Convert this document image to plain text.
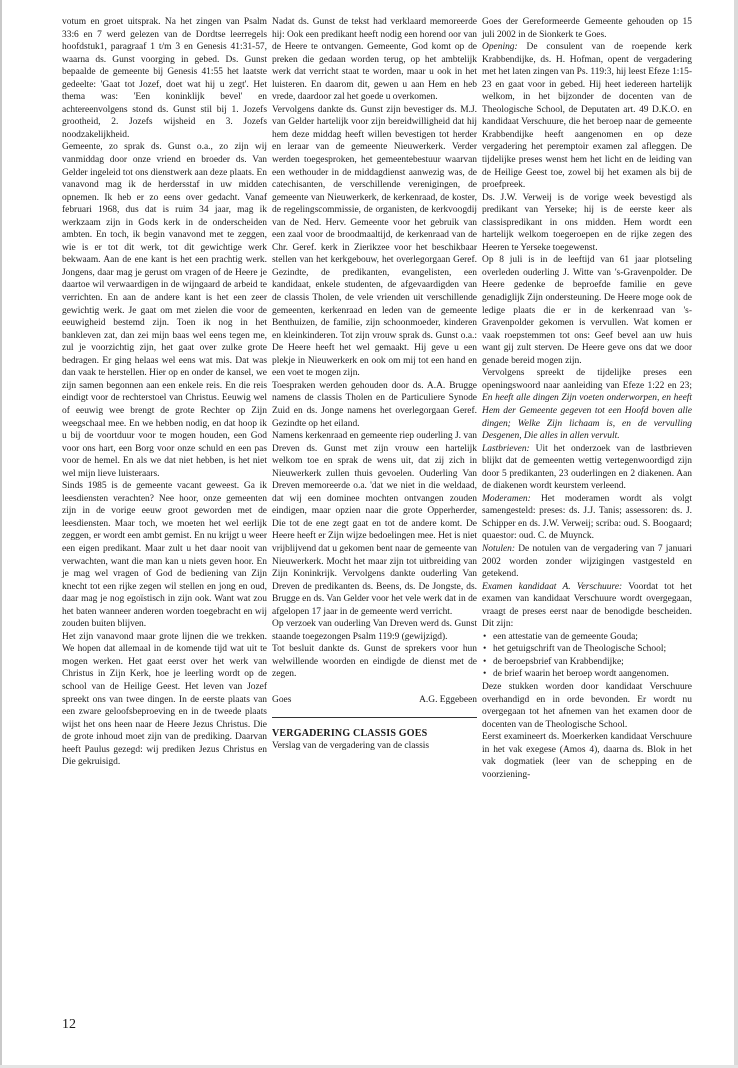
votum en groet uitsprak. Na het zingen van Psalm 33:6 en 7 werd gelezen van de Dordtse leerregels hoofdstuk1, paragraaf 1 t/m 3 en Genesis 41:31-57, waarna ds. Gunst voorging in gebed. Ds. Gunst bepaalde de gemeente bij Genesis 41:55 het laatste gedeelte: 'Gaat tot Jozef, doet wat hij u zegt'. Het thema was: 'Een koninklijk bevel' en achtereenvolgens stond ds. Gunst stil bij 1. Jozefs grootheid, 2. Jozefs wijsheid en 3. Jozefs noodzakelijkheid.

Gemeente, zo sprak ds. Gunst o.a., zo zijn wij vanmiddag door onze vriend en broeder ds. Van Gelder ingeleid tot ons dienstwerk aan deze plaats. En vanavond mag ik de herdersstaf in uw midden opnemen. Ik heb er zo eens over gedacht. Vanaf februari 1968, dus dat is ruim 34 jaar, mag ik werkzaam zijn in Gods kerk in de onderscheiden ambten. En toch, ik begin vanavond met te zeggen, wie is er tot dit werk, tot dit gewichtige werk bekwaam. Aan de ene kant is het een prachtig werk. Jongens, daar mag je gerust om vragen of de Heere je daartoe wil verwaardigen in de wijngaard de arbeid te verrichten. En aan de andere kant is het een zeer gewichtig werk. Je gaat om met zielen die voor de eeuwigheid bestemd zijn. Toen ik nog in het bankleven zat, dan zei mijn baas wel eens tegen me, zul je voorzichtig zijn, het gaat over zulke grote bedragen. Er ging helaas wel eens wat mis. Dat was dan vaak te herstellen. Hier op en onder de kansel, we zijn samen begonnen aan een enkele reis. En die reis eindigt voor de rechterstoel van Christus. Eeuwig wel of eeuwig wee brengt de grote Rechter op Zijn weegschaal mee. En we hebben nodig, en dat hoop ik u bij de voortduur voor te mogen houden, een God voor ons hart, een Borg voor onze schuld en een pas voor de hemel. En als we dat niet hebben, is het niet wel mijn lieve luisteraars.

Sinds 1985 is de gemeente vacant geweest. Ga ik leesdiensten verachten? Nee hoor, onze gemeenten zijn in de vorige eeuw groot geworden met de leesdiensten. Maar toch, we moeten het wel eerlijk zeggen, er wordt een ambt gemist. En nu krijgt u weer een eigen predikant. Maar zult u het daar nooit van verwachten, want die man kan u niets geven hoor. En je mag wel vragen of God de bediening van Zijn knecht tot een rijke zegen wil stellen en jong en oud, daar mag je nog egoïstisch in zijn ook. Want wat zou het baten wanneer anderen worden toegebracht en wij zouden buiten blijven.

Het zijn vanavond maar grote lijnen die we trekken. We hopen dat allemaal in de komende tijd wat uit te mogen werken. Het gaat eerst over het werk van Christus in Zijn Kerk, hoe je leerling wordt op de school van de Heilige Geest. Het leven van Jozef spreekt ons van twee dingen. In de eerste plaats van een zware geloofsbeproeving en in de tweede plaats wijst het ons heen naar de Heere Jezus Christus. Die de grote inhoud moet zijn van de prediking. Daarvan heeft Paulus gezegd: wij prediken Jezus Christus en Die gekruisigd.

Nadat ds. Gunst de tekst had verklaard memoreerde hij: Ook een predikant heeft nodig een horend oor van de Heere te ontvangen. Gemeente, God komt op de preken die gedaan worden terug, op het ambtelijk werk dat verricht staat te worden, maar u ook in het luisteren. En daarom dit, gewen u aan Hem en heb vrede, daardoor zal het goede u overkomen.

Vervolgens dankte ds. Gunst zijn bevestiger ds. M.J. van Gelder hartelijk voor zijn bereidwilligheid dat hij hem deze middag heeft willen bevestigen tot herder en leraar van de gemeente Nieuwerkerk. Verder werden toegesproken, het gemeentebestuur waarvan een wethouder in de middagdienst aanwezig was, de catechisanten, de verschillende verenigingen, de gemeente van Nieuwerkerk, de kerkenraad, de koster, de regelingscommissie, de organisten, de kerkvoogdij van de Ned. Herv. Gemeente voor het gebruik van een zaal voor de broodmaaltijd, de kerkenraad van de Chr. Geref. kerk in Zierikzee voor het beschikbaar stellen van het kerkgebouw, het overlegorgaan Geref. Gezindte, de predikanten, evangelisten, een kandidaat, enkele studenten, de afgevaardigden van de classis Tholen, de vele vrienden uit verschillende gemeenten, kerkenraad en leden van de gemeente Benthuizen, de familie, zijn schoonmoeder, kinderen en kleinkinderen. Tot zijn vrouw sprak ds. Gunst o.a.: De Heere heeft het wel gemaakt. Hij geve u een plekje in Nieuwerkerk en ook om mij tot een hand en een voet te mogen zijn.

Toespraken werden gehouden door ds. A.A. Brugge namens de classis Tholen en de Particuliere Synode Zuid en ds. Jonge namens het overlegorgaan Geref. Gezindte op het eiland.

Namens kerkenraad en gemeente riep ouderling J. van Dreven ds. Gunst met zijn vrouw een hartelijk welkom toe en sprak de wens uit, dat zij zich in Nieuwerkerk zullen thuis gevoelen. Ouderling Van Dreven memoreerde o.a. 'dat we niet in die weldaad, dat wij een dominee mochten ontvangen zouden eindigen, maar opzien naar die grote Opperherder, Die tot de ene zegt gaat en tot de andere komt. De Heere heeft er Zijn wijze bedoelingen mee. Het is niet vrijblijvend dat u gekomen bent naar de gemeente van Nieuwerkerk. Mocht het maar zijn tot uitbreiding van Zijn Koninkrijk. Vervolgens dankte ouderling Van Dreven de predikanten ds. Beens, ds. De Jongste, ds. Brugge en ds. Van Gelder voor het vele werk dat in de afgelopen 17 jaar in de gemeente werd verricht.

Op verzoek van ouderling Van Dreven werd ds. Gunst staande toegezongen Psalm 119:9 (gewijzigd).

Tot besluit dankte ds. Gunst de sprekers voor hun welwillende woorden en eindigde de dienst met de zegen.

Goes	A.G. Eggebeen

VERGADERING CLASSIS GOES

Verslag van de vergadering van de classis

Goes der Gereformeerde Gemeente gehouden op 15 juli 2002 in de Sionkerk te Goes.

Opening: De consulent van de roepende kerk Krabbendijke, ds. H. Hofman, opent de vergadering met het laten zingen van Ps. 119:3, hij leest Efeze 1:15-23 en gaat voor in gebed. Hij heet iedereen hartelijk welkom, in het bijzonder de docenten van de Theologische School, de Deputaten art. 49 D.K.O. en kandidaat Verschuure, die het beroep naar de gemeente Krabbendijke heeft aangenomen en op deze vergadering het peremptoir examen zal afleggen. De tijdelijke preses wenst hem het licht en de leiding van de Heilige Geest toe, zowel bij het examen als bij de proefpreek.

Ds. J.W. Verweij is de vorige week bevestigd als predikant van Yerseke; hij is de eerste keer als classispredikant in ons midden. Hem wordt een hartelijk welkom toegeroepen en de rijke zegen des Heeren te Yerseke toegewenst.

Op 8 juli is in de leeftijd van 61 jaar plotseling overleden ouderling J. Witte van 's-Gravenpolder. De Heere gedenke de beproefde familie en geve genadiglijk Zijn ondersteuning. De Heere moge ook de ledige plaats die er in de kerkenraad van 's-Gravenpolder gekomen is vervullen. Wat komen er vaak roepstemmen tot ons: Geef bevel aan uw huis want gij zult sterven. De Heere geve ons dat we door genade bereid mogen zijn.

Vervolgens spreekt de tijdelijke preses een openingswoord naar aanleiding van Efeze 1:22 en 23; En heeft alle dingen Zijn voeten onderworpen, en heeft Hem der Gemeente gegeven tot een Hoofd boven alle dingen; Welke Zijn lichaam is, en de vervulling Desgenen, Die alles in allen vervult.

Lastbrieven: Uit het onderzoek van de lastbrieven blijkt dat de gemeenten wettig vertegenwoordigd zijn door 5 predikanten, 23 ouderlingen en 2 diakenen. Aan de diakenen wordt keurstem verleend.

Moderamen: Het moderamen wordt als volgt samengesteld: preses: ds. J.J. Tanis; assessoren: ds. J. Schipper en ds. J.W. Verweij; scriba: oud. S. Boogaard; quaestor: oud. C. de Muynck.

Notulen: De notulen van de vergadering van 7 januari 2002 worden zonder wijzigingen vastgesteld en getekend.

Examen kandidaat A. Verschuure: Voordat tot het examen van kandidaat Verschuure wordt overgegaan, vraagt de preses eerst naar de benodigde bescheiden. Dit zijn:

• een attestatie van de gemeente Gouda;
• het getuigschrift van de Theologische School;
• de beroepsbrief van Krabbendijke;
• de brief waarin het beroep wordt aangenomen.

Deze stukken worden door kandidaat Verschuure overhandigd en in orde bevonden. Er wordt nu overgegaan tot het afnemen van het examen door de docenten van de Theologische School.

Eerst examineert ds. Moerkerken kandidaat Verschuure in het vak exegese (Amos 4), daarna ds. Blok in het vak dogmatiek (leer van de schepping en de voorziening-

12
